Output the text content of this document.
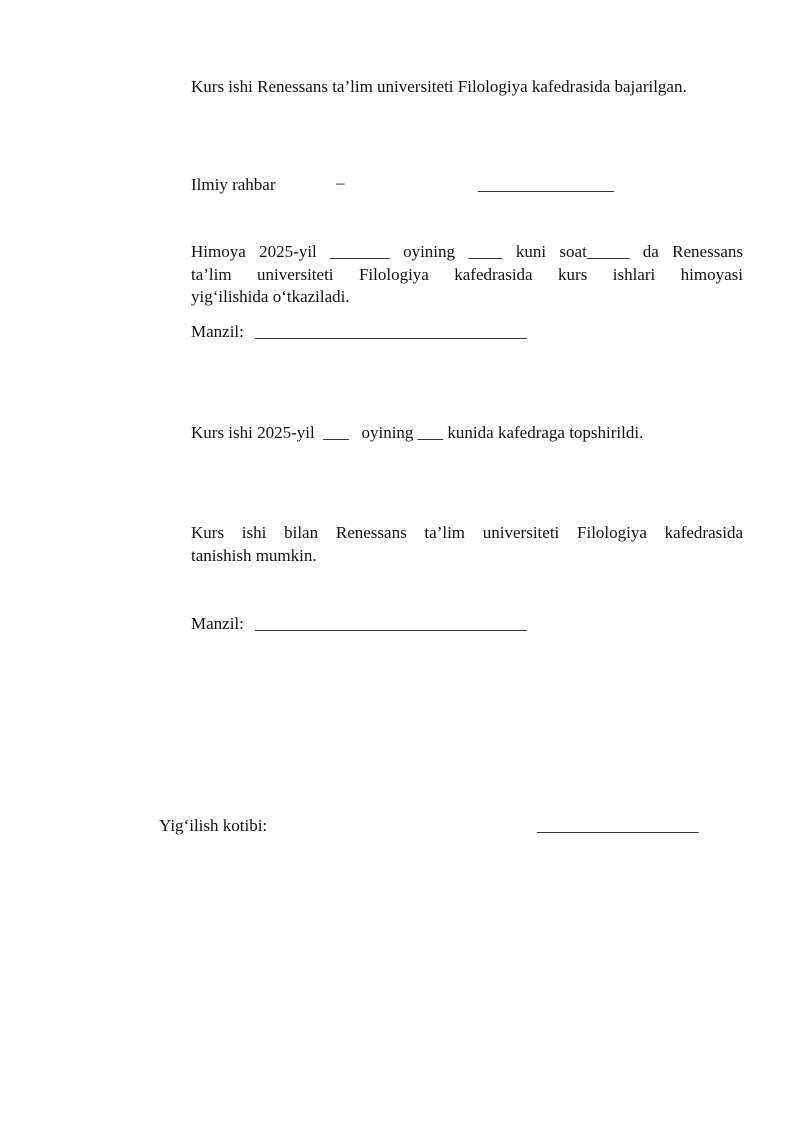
Kurs ishi Renessans ta’lim universiteti Filologiya kafedrasida bajarilgan.
Ilmiy rahbar	–	________________
Himoya 2025-yil _______ oyining ____ kuni soat_____ da Renessans
ta’lim universiteti Filologiya kafedrasida kurs ishlari himoyasi
yig‘ilishida o‘tkaziladi.
Manzil: ________________________________
Kurs ishi 2025-yil  ___   oyining ___ kunida kafedraga topshirildi.
Kurs ishi bilan Renessans ta’lim universiteti Filologiya kafedrasida
tanishish mumkin.
Manzil: ________________________________
Yig‘ilish kotibi:	___________________
